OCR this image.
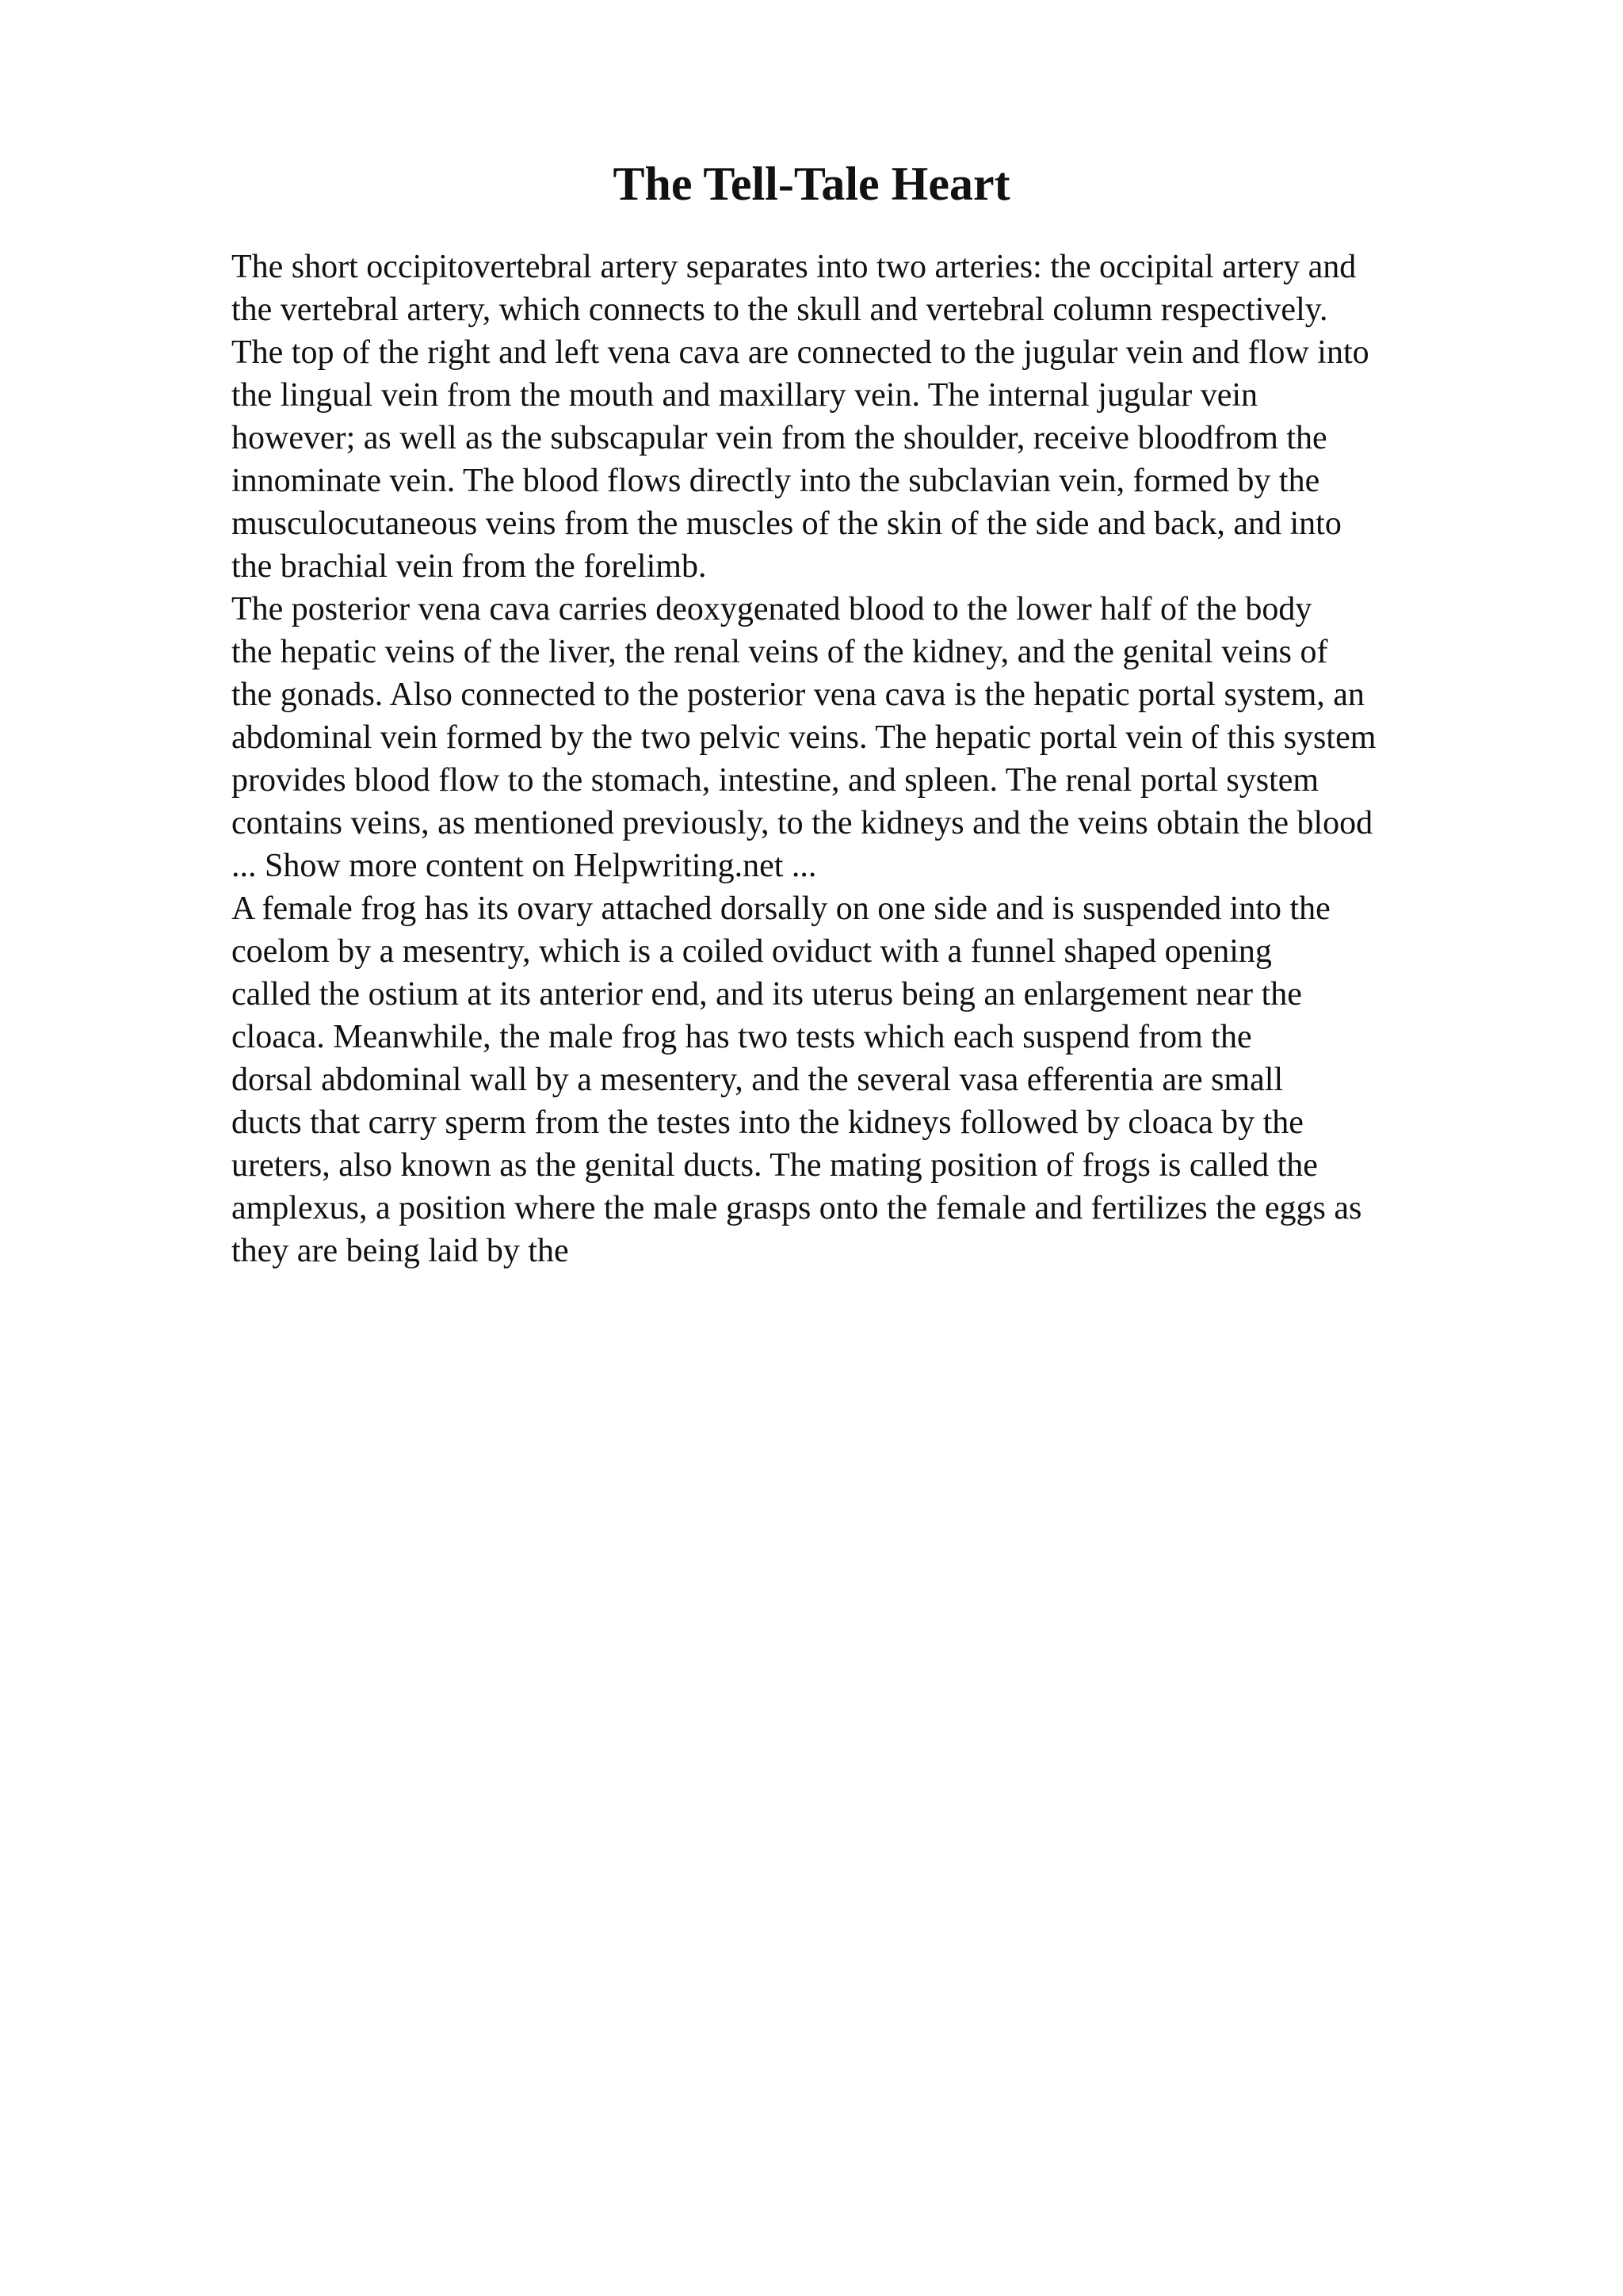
The Tell-Tale Heart
The short occipitovertebral artery separates into two arteries: the occipital artery and
the vertebral artery, which connects to the skull and vertebral column respectively.
The top of the right and left vena cava are connected to the jugular vein and flow into
the lingual vein from the mouth and maxillary vein. The internal jugular vein
however; as well as the subscapular vein from the shoulder, receive bloodfrom the
innominate vein. The blood flows directly into the subclavian vein, formed by the
musculocutaneous veins from the muscles of the skin of the side and back, and into
the brachial vein from the forelimb.
The posterior vena cava carries deoxygenated blood to the lower half of the body
the hepatic veins of the liver, the renal veins of the kidney, and the genital veins of
the gonads. Also connected to the posterior vena cava is the hepatic portal system, an
abdominal vein formed by the two pelvic veins. The hepatic portal vein of this system
provides blood flow to the stomach, intestine, and spleen. The renal portal system
contains veins, as mentioned previously, to the kidneys and the veins obtain the blood
... Show more content on Helpwriting.net ...
A female frog has its ovary attached dorsally on one side and is suspended into the
coelom by a mesentry, which is a coiled oviduct with a funnel shaped opening
called the ostium at its anterior end, and its uterus being an enlargement near the
cloaca. Meanwhile, the male frog has two tests which each suspend from the
dorsal abdominal wall by a mesentery, and the several vasa efferentia are small
ducts that carry sperm from the testes into the kidneys followed by cloaca by the
ureters, also known as the genital ducts. The mating position of frogs is called the
amplexus, a position where the male grasps onto the female and fertilizes the eggs as
they are being laid by the
